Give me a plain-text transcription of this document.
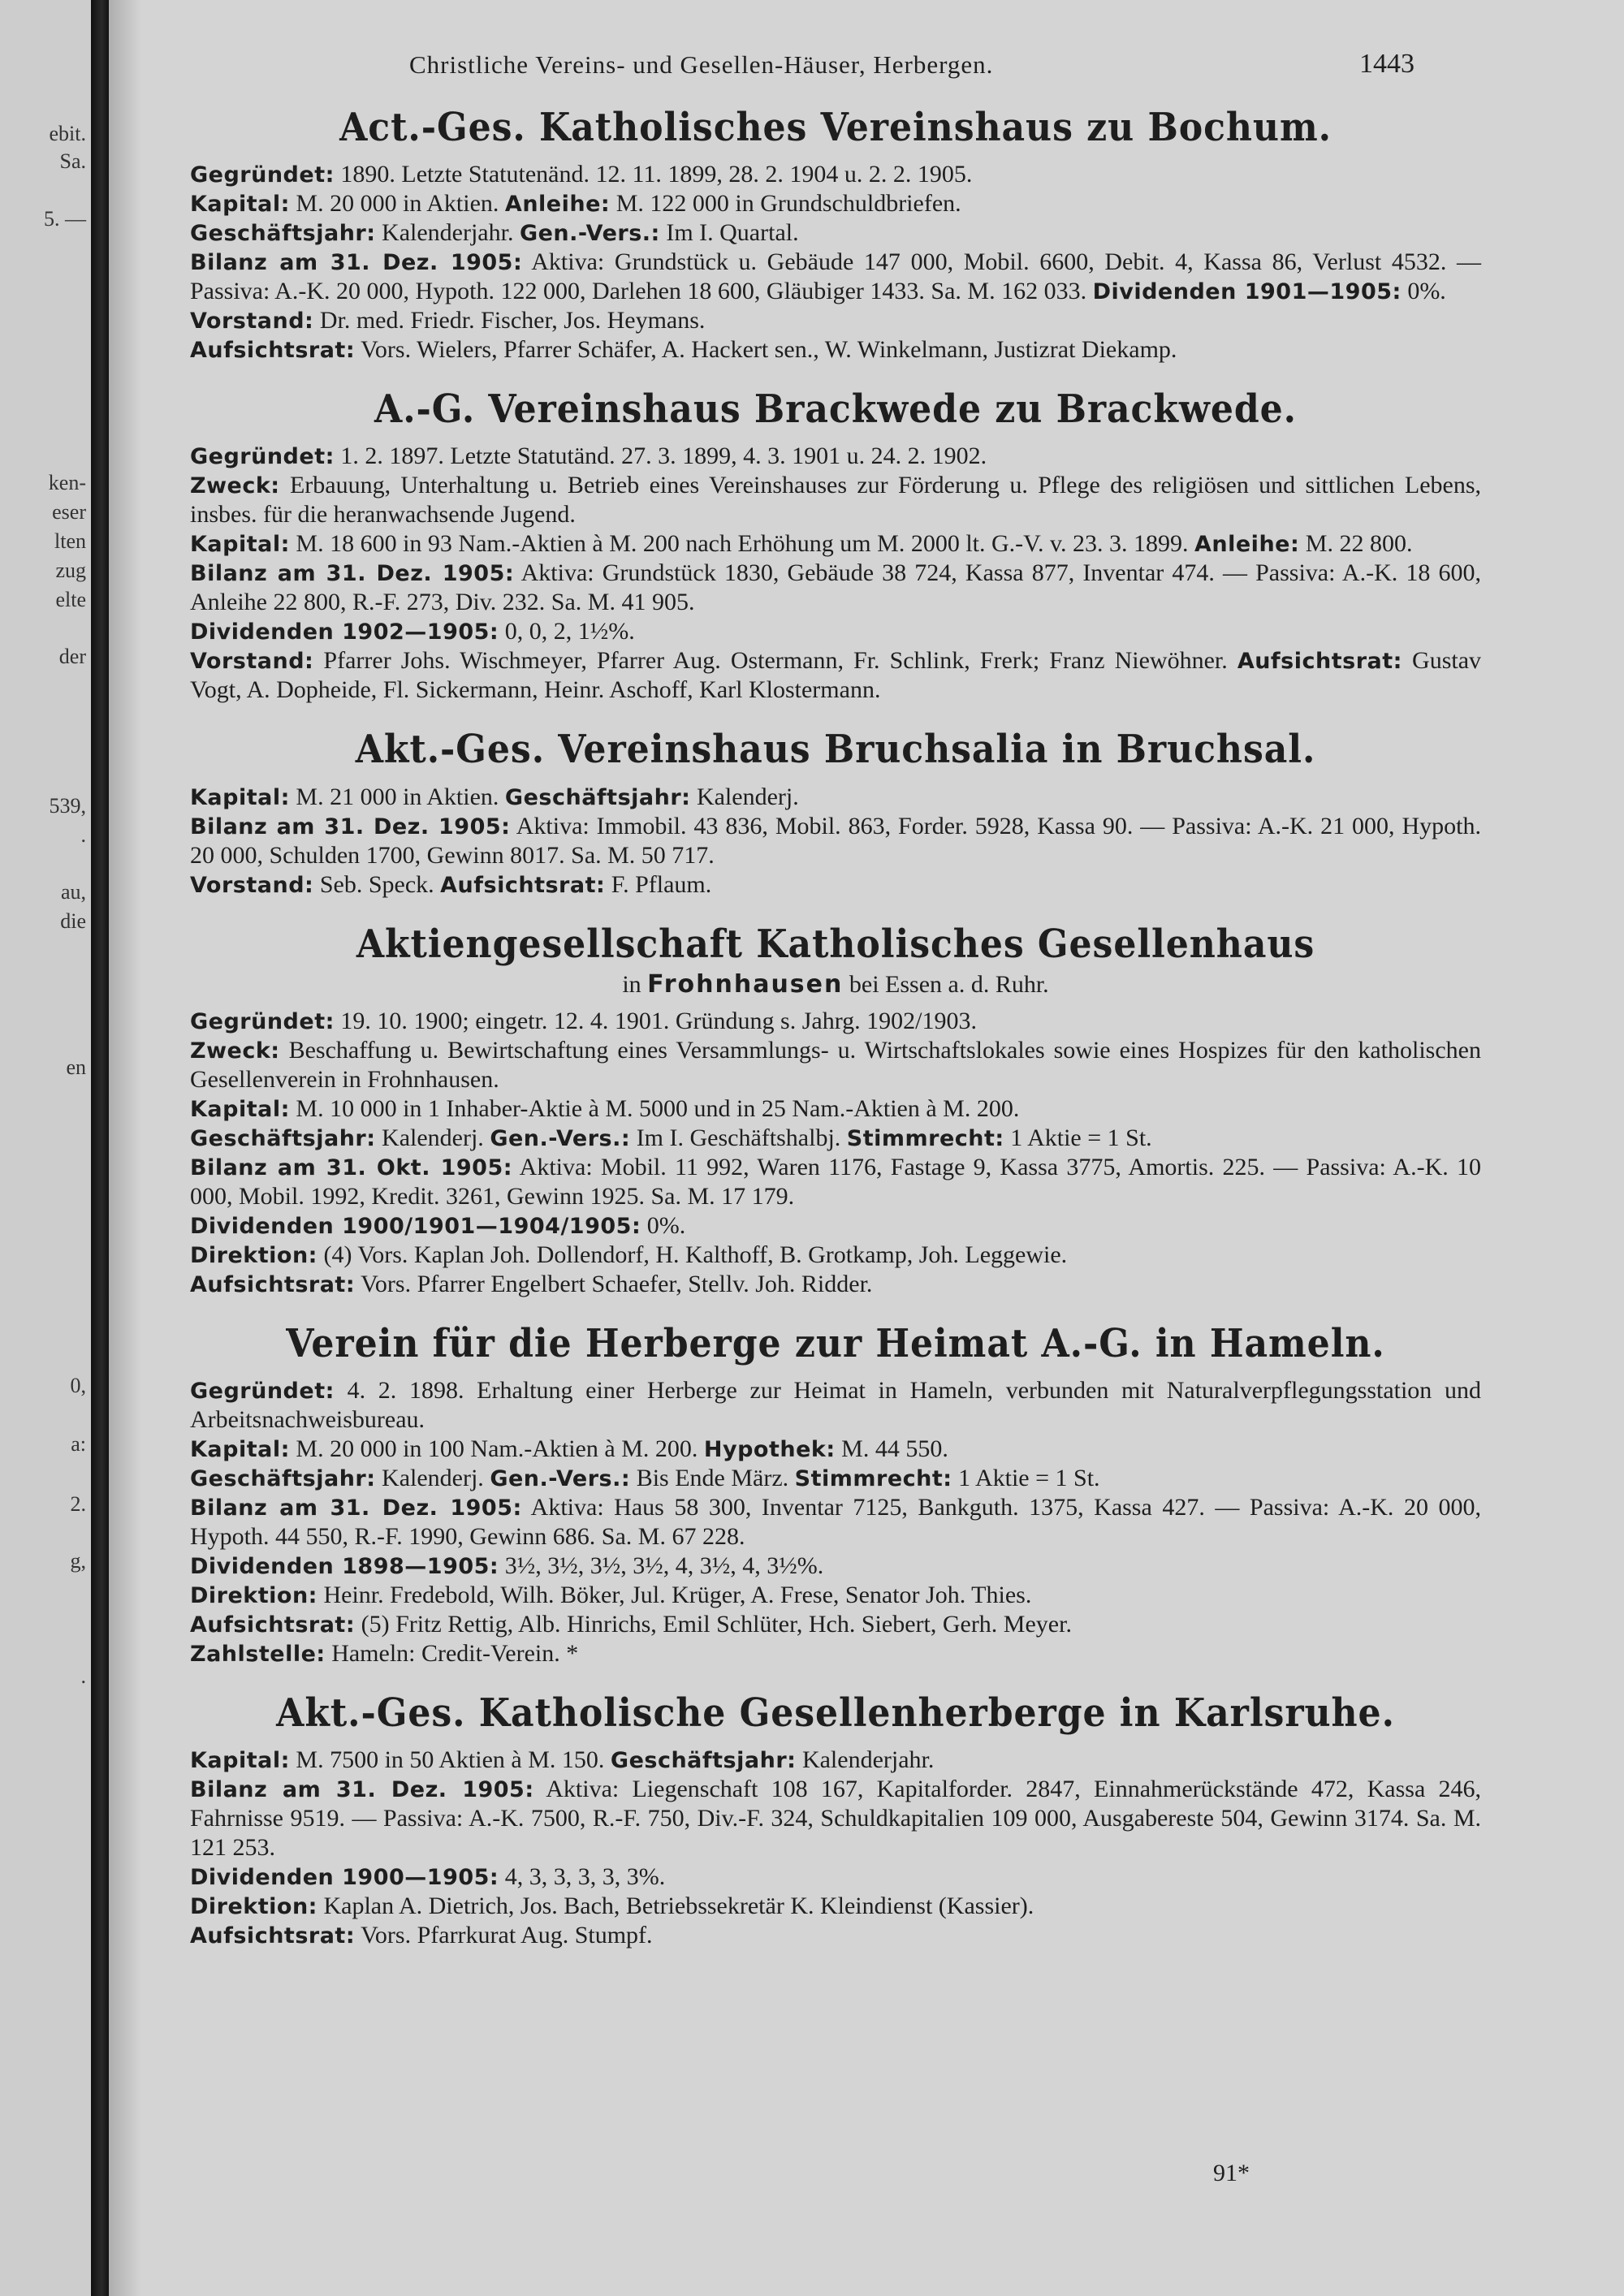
ebit.
Sa.
5. —
ken-
eser
lten
zug
elte
der
539,
.
au,
die
en
0,
a:
2.
g,
.
Christliche Vereins- und Gesellen-Häuser, Herbergen.	1443
Act.-Ges. Katholisches Vereinshaus zu Bochum.

Gegründet: 1890. Letzte Statutenänd. 12. 11. 1899, 28. 2. 1904 u. 2. 2. 1905.

Kapital: M. 20 000 in Aktien. Anleihe: M. 122 000 in Grundschuldbriefen.

Geschäftsjahr: Kalenderjahr. Gen.-Vers.: Im I. Quartal.

Bilanz am 31. Dez. 1905: Aktiva: Grundstück u. Gebäude 147 000, Mobil. 6600, Debit. 4, Kassa 86, Verlust 4532. — Passiva: A.-K. 20 000, Hypoth. 122 000, Darlehen 18 600, Gläubiger 1433. Sa. M. 162 033. Dividenden 1901—1905: 0%.

Vorstand: Dr. med. Friedr. Fischer, Jos. Heymans.

Aufsichtsrat: Vors. Wielers, Pfarrer Schäfer, A. Hackert sen., W. Winkelmann, Justizrat Diekamp.

A.-G. Vereinshaus Brackwede zu Brackwede.

Gegründet: 1. 2. 1897. Letzte Statutänd. 27. 3. 1899, 4. 3. 1901 u. 24. 2. 1902.

Zweck: Erbauung, Unterhaltung u. Betrieb eines Vereinshauses zur Förderung u. Pflege des religiösen und sittlichen Lebens, insbes. für die heranwachsende Jugend.

Kapital: M. 18 600 in 93 Nam.-Aktien à M. 200 nach Erhöhung um M. 2000 lt. G.-V. v. 23. 3. 1899. Anleihe: M. 22 800.

Bilanz am 31. Dez. 1905: Aktiva: Grundstück 1830, Gebäude 38 724, Kassa 877, Inventar 474. — Passiva: A.-K. 18 600, Anleihe 22 800, R.-F. 273, Div. 232. Sa. M. 41 905.

Dividenden 1902—1905: 0, 0, 2, 1½%.

Vorstand: Pfarrer Johs. Wischmeyer, Pfarrer Aug. Ostermann, Fr. Schlink, Frerk; Franz Niewöhner. Aufsichtsrat: Gustav Vogt, A. Dopheide, Fl. Sickermann, Heinr. Aschoff, Karl Klostermann.

Akt.-Ges. Vereinshaus Bruchsalia in Bruchsal.

Kapital: M. 21 000 in Aktien. Geschäftsjahr: Kalenderj.

Bilanz am 31. Dez. 1905: Aktiva: Immobil. 43 836, Mobil. 863, Forder. 5928, Kassa 90. — Passiva: A.-K. 21 000, Hypoth. 20 000, Schulden 1700, Gewinn 8017. Sa. M. 50 717.

Vorstand: Seb. Speck. Aufsichtsrat: F. Pflaum.

Aktiengesellschaft Katholisches Gesellenhaus
in Frohnhausen bei Essen a. d. Ruhr.

Gegründet: 19. 10. 1900; eingetr. 12. 4. 1901. Gründung s. Jahrg. 1902/1903.

Zweck: Beschaffung u. Bewirtschaftung eines Versammlungs- u. Wirtschaftslokales sowie eines Hospizes für den katholischen Gesellenverein in Frohnhausen.

Kapital: M. 10 000 in 1 Inhaber-Aktie à M. 5000 und in 25 Nam.-Aktien à M. 200.

Geschäftsjahr: Kalenderj. Gen.-Vers.: Im I. Geschäftshalbj. Stimmrecht: 1 Aktie = 1 St.

Bilanz am 31. Okt. 1905: Aktiva: Mobil. 11 992, Waren 1176, Fastage 9, Kassa 3775, Amortis. 225. — Passiva: A.-K. 10 000, Mobil. 1992, Kredit. 3261, Gewinn 1925. Sa. M. 17 179.

Dividenden 1900/1901—1904/1905: 0%.

Direktion: (4) Vors. Kaplan Joh. Dollendorf, H. Kalthoff, B. Grotkamp, Joh. Leggewie.

Aufsichtsrat: Vors. Pfarrer Engelbert Schaefer, Stellv. Joh. Ridder.

Verein für die Herberge zur Heimat A.-G. in Hameln.

Gegründet: 4. 2. 1898. Erhaltung einer Herberge zur Heimat in Hameln, verbunden mit Naturalverpflegungsstation und Arbeitsnachweisbureau.

Kapital: M. 20 000 in 100 Nam.-Aktien à M. 200. Hypothek: M. 44 550.

Geschäftsjahr: Kalenderj. Gen.-Vers.: Bis Ende März. Stimmrecht: 1 Aktie = 1 St.

Bilanz am 31. Dez. 1905: Aktiva: Haus 58 300, Inventar 7125, Bankguth. 1375, Kassa 427. — Passiva: A.-K. 20 000, Hypoth. 44 550, R.-F. 1990, Gewinn 686. Sa. M. 67 228.

Dividenden 1898—1905: 3½, 3½, 3½, 3½, 4, 3½, 4, 3½%.

Direktion: Heinr. Fredebold, Wilh. Böker, Jul. Krüger, A. Frese, Senator Joh. Thies.

Aufsichtsrat: (5) Fritz Rettig, Alb. Hinrichs, Emil Schlüter, Hch. Siebert, Gerh. Meyer.

Zahlstelle: Hameln: Credit-Verein. *

Akt.-Ges. Katholische Gesellenherberge in Karlsruhe.

Kapital: M. 7500 in 50 Aktien à M. 150. Geschäftsjahr: Kalenderjahr.

Bilanz am 31. Dez. 1905: Aktiva: Liegenschaft 108 167, Kapitalforder. 2847, Einnahmerückstände 472, Kassa 246, Fahrnisse 9519. — Passiva: A.-K. 7500, R.-F. 750, Div.-F. 324, Schuldkapitalien 109 000, Ausgabereste 504, Gewinn 3174. Sa. M. 121 253.

Dividenden 1900—1905: 4, 3, 3, 3, 3, 3%.

Direktion: Kaplan A. Dietrich, Jos. Bach, Betriebssekretär K. Kleindienst (Kassier).

Aufsichtsrat: Vors. Pfarrkurat Aug. Stumpf.

91*
